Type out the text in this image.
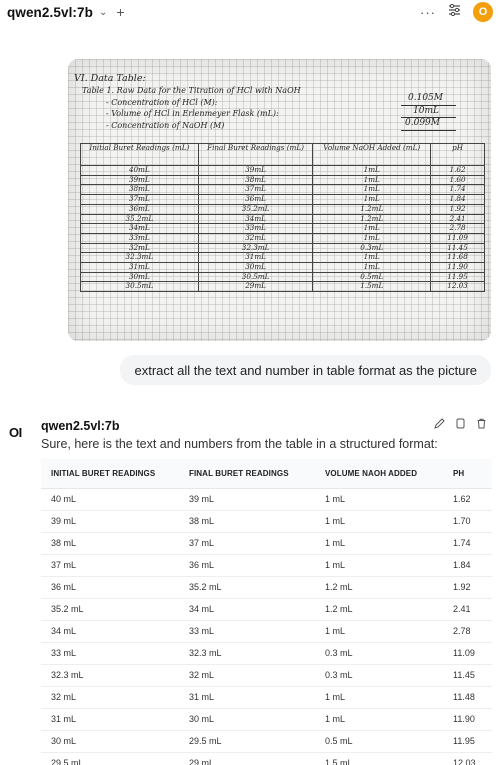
qwen2.5vl:7b ⌄ +	···	O
VI. Data Table:
Table 1. Raw Data for the Titration of HCl with NaOH
- Concentration of HCl (M):
- Volume of HCl in Erlenmeyer Flask (mL):
- Concentration of NaOH (M)
0.105M
10mL
0.099M
Initial Buret Readings (mL)	Final Buret Readings (mL)	Volume NaOH Added (mL)	pH
40mL	39mL	1mL	1.62
39mL	38mL	1mL	1.60
38mL	37mL	1mL	1.74
37mL	36mL	1mL	1.84
36mL	35.2mL	1.2mL	1.92
35.2mL	34mL	1.2mL	2.41
34mL	33mL	1mL	2.78
33mL	32mL	1mL	11.09
32mL	32.3mL	0.3mL	11.45
32.3mL	31mL	1mL	11.68
31mL	30mL	1mL	11.90
30mL	30.5mL	0.5mL	11.95
30.5mL	29mL	1.5mL	12.03
extract all the text and number in table format as the picture
OI qwen2.5vl:7b
Sure, here is the text and numbers from the table in a structured format:
INITIAL BURET READINGS	FINAL BURET READINGS	VOLUME NAOH ADDED	PH
40 mL	39 mL	1 mL	1.62
39 mL	38 mL	1 mL	1.70
38 mL	37 mL	1 mL	1.74
37 mL	36 mL	1 mL	1.84
36 mL	35.2 mL	1.2 mL	1.92
35.2 mL	34 mL	1.2 mL	2.41
34 mL	33 mL	1 mL	2.78
33 mL	32.3 mL	0.3 mL	11.09
32.3 mL	32 mL	0.3 mL	11.45
32 mL	31 mL	1 mL	11.48
31 mL	30 mL	1 mL	11.90
30 mL	29.5 mL	0.5 mL	11.95
29.5 mL	29 mL	1.5 mL	12.03
